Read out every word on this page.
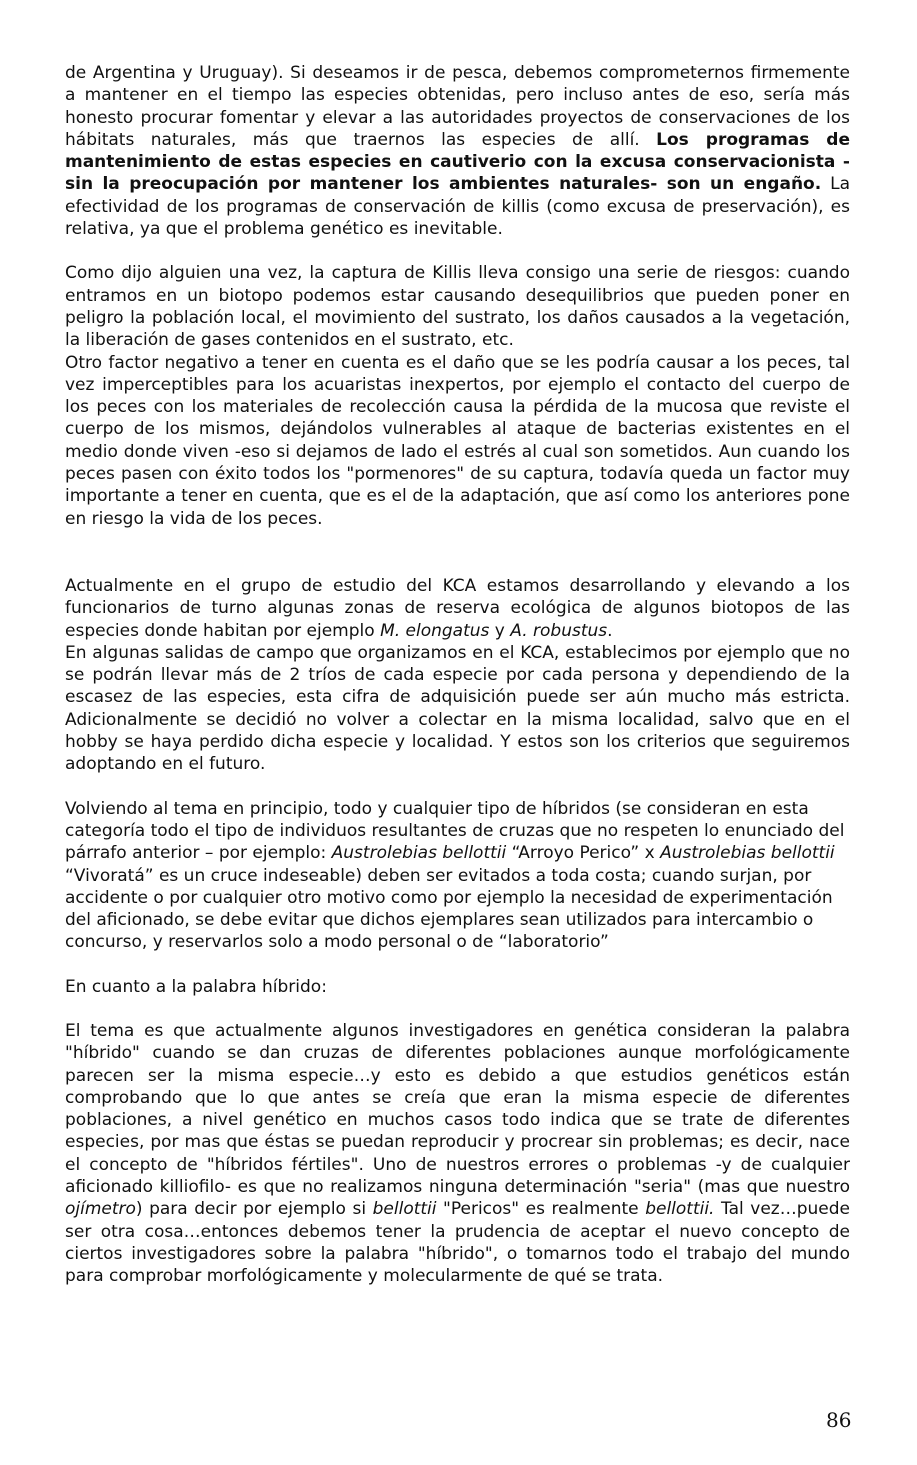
de Argentina y Uruguay). Si deseamos ir de pesca, debemos comprometernos firmemente a mantener en el tiempo las especies obtenidas, pero incluso antes de eso, sería más honesto procurar fomentar y elevar a las autoridades proyectos de conservaciones de los hábitats naturales, más que traernos las especies de allí. Los programas de mantenimiento de estas especies en cautiverio con la excusa conservacionista -sin la preocupación por mantener los ambientes naturales- son un engaño. La efectividad de los programas de conservación de killis (como excusa de preservación), es relativa, ya que el problema genético es inevitable.

Como dijo alguien una vez, la captura de Killis lleva consigo una serie de riesgos: cuando entramos en un biotopo podemos estar causando desequilibrios que pueden poner en peligro la población local, el movimiento del sustrato, los daños causados a la vegetación, la liberación de gases contenidos en el sustrato, etc.

Otro factor negativo a tener en cuenta es el daño que se les podría causar a los peces, tal vez imperceptibles para los acuaristas inexpertos, por ejemplo el contacto del cuerpo de los peces con los materiales de recolección causa la pérdida de la mucosa que reviste el cuerpo de los mismos, dejándolos vulnerables al ataque de bacterias existentes en el medio donde viven -eso si dejamos de lado el estrés al cual son sometidos. Aun cuando los peces pasen con éxito todos los "pormenores" de su captura, todavía queda un factor muy importante a tener en cuenta, que es el de la adaptación, que así como los anteriores pone en riesgo la vida de los peces.

Actualmente en el grupo de estudio del KCA estamos desarrollando y elevando a los funcionarios de turno algunas zonas de reserva ecológica de algunos biotopos de las especies donde habitan por ejemplo M. elongatus y A. robustus.

En algunas salidas de campo que organizamos en el KCA, establecimos por ejemplo que no se podrán llevar más de 2 tríos de cada especie por cada persona y dependiendo de la escasez de las especies, esta cifra de adquisición puede ser aún mucho más estricta. Adicionalmente se decidió no volver a colectar en la misma localidad, salvo que en el hobby se haya perdido dicha especie y localidad. Y estos son los criterios que seguiremos adoptando en el futuro.

Volviendo al tema en principio, todo y cualquier tipo de híbridos (se consideran en esta categoría todo el tipo de individuos resultantes de cruzas que no respeten lo enunciado del párrafo anterior – por ejemplo: Austrolebias bellottii “Arroyo Perico” x Austrolebias bellottii “Vivoratá” es un cruce indeseable) deben ser evitados a toda costa; cuando surjan, por accidente o por cualquier otro motivo como por ejemplo la necesidad de experimentación del aficionado, se debe evitar que dichos ejemplares sean utilizados para intercambio o concurso, y reservarlos solo a modo personal o de “laboratorio”

En cuanto a la palabra híbrido:

El tema es que actualmente algunos investigadores en genética consideran la palabra "híbrido" cuando se dan cruzas de diferentes poblaciones aunque morfológicamente parecen ser la misma especie…y esto es debido a que estudios genéticos están comprobando que lo que antes se creía que eran la misma especie de diferentes poblaciones, a nivel genético en muchos casos todo indica que se trate de diferentes especies, por mas que éstas se puedan reproducir y procrear sin problemas; es decir, nace el concepto de "híbridos fértiles". Uno de nuestros errores o problemas -y de cualquier aficionado killiofilo- es que no realizamos ninguna determinación "seria" (mas que nuestro ojímetro) para decir por ejemplo si bellottii "Pericos" es realmente bellottii. Tal vez…puede ser otra cosa…entonces debemos tener la prudencia de aceptar el nuevo concepto de ciertos investigadores sobre la palabra "híbrido", o tomarnos todo el trabajo del mundo para comprobar morfológicamente y molecularmente de qué se trata.

86
